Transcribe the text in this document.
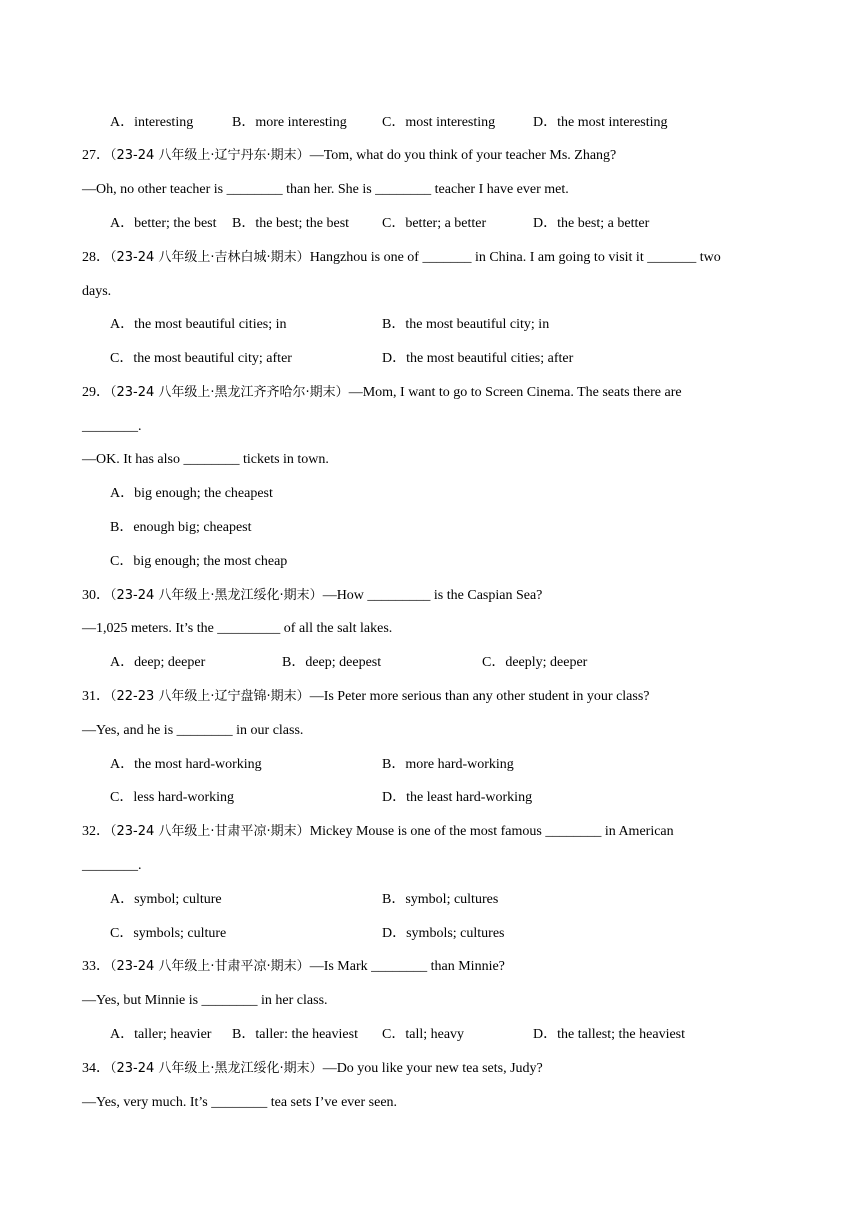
A．interesting	B．more interesting	C．most interesting	D．the most interesting
27．（23-24 八年级上·辽宁丹东·期末）—Tom, what do you think of your teacher Ms. Zhang?
—Oh, no other teacher is ________ than her. She is ________ teacher I have ever met.
A．better; the best B．the best; the best C．better; a better	D．the best; a better
28．（23-24 八年级上·吉林白城·期末）Hangzhou is one of _______ in China. I am going to visit it _______ two
days.
A．the most beautiful cities; in	B．the most beautiful city; in
C．the most beautiful city; after	D．the most beautiful cities; after
29．（23-24 八年级上·黑龙江齐齐哈尔·期末）—Mom, I want to go to Screen Cinema. The seats there are
________.
—OK. It has also ________ tickets in town.
A．big enough; the cheapest
B．enough big; cheapest
C．big enough; the most cheap
30．（23-24 八年级上·黑龙江绥化·期末）—How _________ is the Caspian Sea?
—1,025 meters. It’s the _________ of all the salt lakes.
A．deep; deeper	B．deep; deepest	C．deeply; deeper
31．（22-23 八年级上·辽宁盘锦·期末）—Is Peter more serious than any other student in your class?
—Yes, and he is ________ in our class.
A．the most hard-working	B．more hard-working
C．less hard-working	D．the least hard-working
32．（23-24 八年级上·甘肃平凉·期末）Mickey Mouse is one of the most famous ________ in American
________.
A．symbol; culture	B．symbol; cultures
C．symbols; culture	D．symbols; cultures
33．（23-24 八年级上·甘肃平凉·期末）—Is Mark ________ than Minnie?
—Yes, but Minnie is ________ in her class.
A．taller; heavier B．taller: the heaviest C．tall; heavy	D．the tallest; the heaviest
34．（23-24 八年级上·黑龙江绥化·期末）—Do you like your new tea sets, Judy?
—Yes, very much. It’s ________ tea sets I’ve ever seen.
